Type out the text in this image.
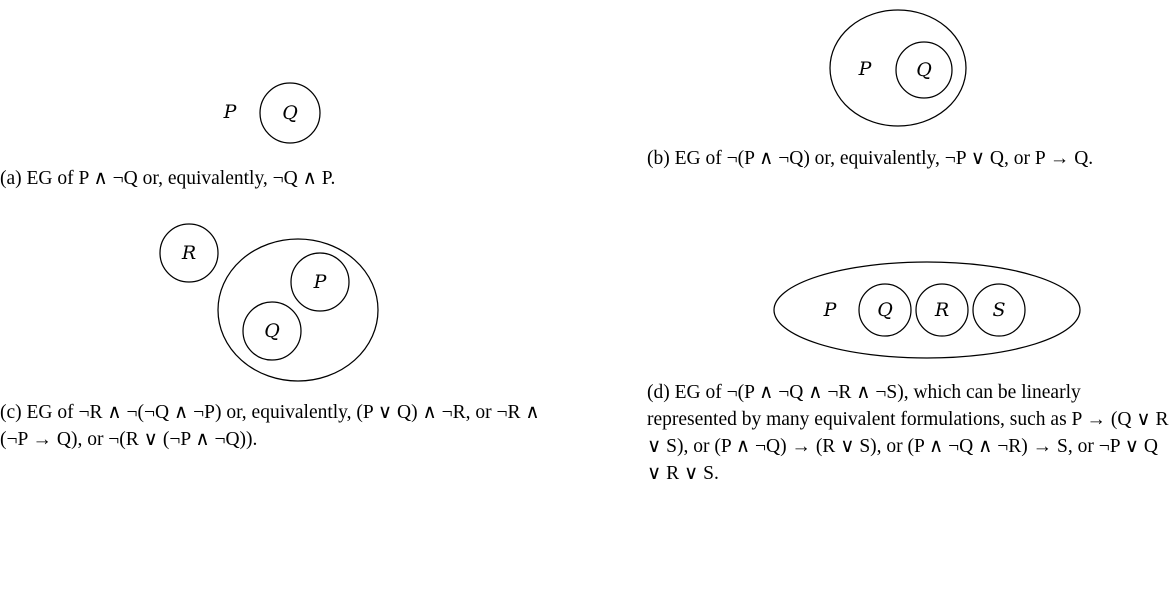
P Q
(a) EG of P ∧ ¬Q or, equivalently, ¬Q ∧ P.
P Q
(b) EG of ¬(P ∧ ¬Q) or, equivalently, ¬P ∨ Q, or P → Q.
R
P
Q
(c) EG of ¬R ∧ ¬(¬Q ∧ ¬P) or, equivalently, (P ∨ Q) ∧ ¬R, or ¬R ∧ (¬P → Q), or ¬(R ∨ (¬P ∧ ¬Q)).
P Q R S
(d) EG of ¬(P ∧ ¬Q ∧ ¬R ∧ ¬S), which can be linearly represented by many equivalent formulations, such as P → (Q ∨ R ∨ S), or (P ∧ ¬Q) → (R ∨ S), or (P ∧ ¬Q ∧ ¬R) → S, or ¬P ∨ Q ∨ R ∨ S.
